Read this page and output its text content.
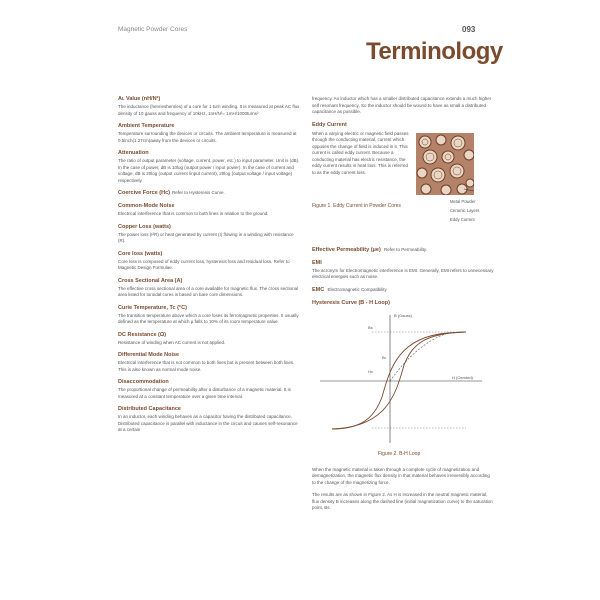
Magnetic Powder Cores	093
Terminology
Aʟ Value (nH/N²)

The inductance (henrieshenries) of a core for 1 turn winding. It is measured at peak AC flux density of 10 gauss and frequency of 10kHz, 1nH/N²= 1mH/1000turns²

Ambient Temperature

Temperature surrounding the devices or circuits. The ambient temperature is measured at 0.5inch(1.27cm)away from the devices or circuits.

Attenuation

The ratio of output parameter (voltage, current, power, etc.) to input parameter. Unit is (dB). In the case of power, dB is 10log (output power / input power). In the case of current and voltage, dB is 20log (output current /input current), 20log (output voltage / input voltage) respectively.

Coercive Force (Hc) Refer to Hysteresis Curve.

Common-Mode Noise

Electrical interference that is common to both lines in relation to the ground.

Copper Loss (watts)

The power loss (I²R) or heat generated by current (I) flowing in a winding with resistance (R).

Core loss (watts)

Core loss is composed of eddy current loss, hysteresis loss and residual loss. Refer to Magnetic Design Formulae.

Cross Sectional Area (A)

The effective cross sectional area of a core available for magnetic flux. The cross sectional area listed for toroidal cores is based on bare core dimensions.

Curie Temperature, Tc (°C)

The transition temperature above which a core loses its ferromagnetic properties. It usually defined as the temperature at which μ falls to 10% of its room temperature value.

DC Resistance (Ω)

Resistance of winding when AC current is not applied.

Differential Mode Noise

Electrical interference that is not common to both lines but is present between both lines. This is also known as normal mode noise.

Disaccommodation

The proportional change of permeability after a disturbance of a magnetic material. It is measured at a constant temperature over a given time interval.

Distributed Capacitance

In an inductor, each winding behaves as a capacitor having the distributed capacitance. Distributed capacitance is parallel with inductance in the circuit and causes self-resonance at a certain

frequency. An inductor which has a smaller distributed capacitance extends a much higher self resonant frequency. So the inductor should be wound to have as small a distributed capacitance as possible.

Eddy Current

When a varying electric or magnetic field passes through the conducting material, current which opposes the change of field is induced in it. This current is called eddy current. Because a conducting material has electric resistance, the eddy current results in heat loss. This is referred to as the eddy current loss.

Metal Powder
Ceramic Layers
Eddy Current
Figure 1. Eddy Current in Powder Cores
Effective Permeability (μe) Refer to Permeability.

EMI

The acronym for Electromagnetic interference is EMI. Generally, EMI refers to unnecessary electrical energies such as noise.

EMC Electromagnetic Compatibility

Hysteresis Curve (B - H Loop)
B (Gauss)
H (Oersted)
Bs
Br
Hc
Figure 2. B-H Loop

When the magnetic material is taken through a complete cycle of magnetization and demagnetization, the magnetic flux density in that material behaves irreversibly according to the change of the magnetizing force.

The results are as shown in Figure 2. As H is increased in the neutral magnetic material, flux density B increases along the dashed line (initial magnetization curve) to the saturation point, Bs.
